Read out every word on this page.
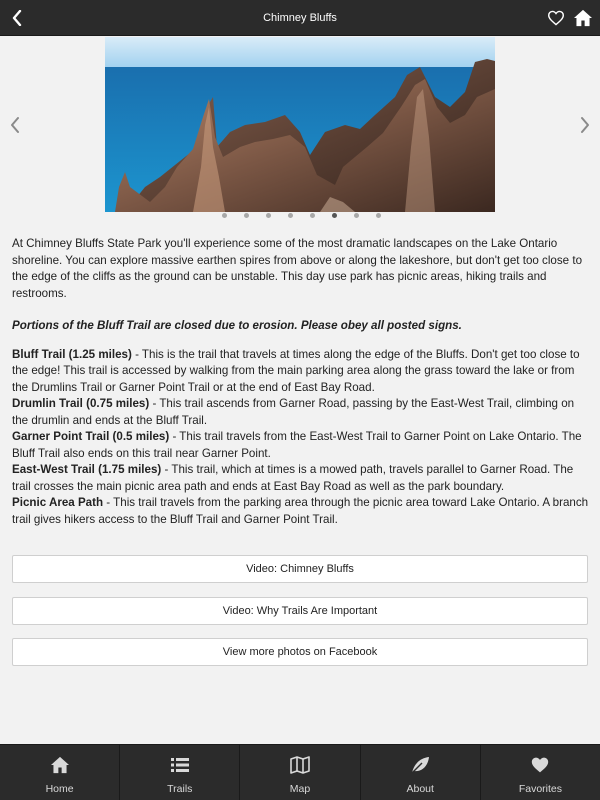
Chimney Bluffs

At Chimney Bluffs State Park you'll experience some of the most dramatic landscapes on the Lake Ontario shoreline. You can explore massive earthen spires from above or along the lakeshore, but don't get too close to the edge of the cliffs as the ground can be unstable. This day use park has picnic areas, hiking trails and restrooms.

Portions of the Bluff Trail are closed due to erosion. Please obey all posted signs.

Bluff Trail (1.25 miles) - This is the trail that travels at times along the edge of the Bluffs. Don't get too close to the edge! This trail is accessed by walking from the main parking area along the grass toward the lake or from the Drumlins Trail or Garner Point Trail or at the end of East Bay Road.

Drumlin Trail (0.75 miles) - This trail ascends from Garner Road, passing by the East-West Trail, climbing on the drumlin and ends at the Bluff Trail.

Garner Point Trail (0.5 miles) - This trail travels from the East-West Trail to Garner Point on Lake Ontario. The Bluff Trail also ends on this trail near Garner Point.

East-West Trail (1.75 miles) - This trail, which at times is a mowed path, travels parallel to Garner Road. The trail crosses the main picnic area path and ends at East Bay Road as well as the park boundary.

Picnic Area Path - This trail travels from the parking area through the picnic area toward Lake Ontario. A branch trail gives hikers access to the Bluff Trail and Garner Point Trail.

Video: Chimney Bluffs
Video: Why Trails Are Important
View more photos on Facebook
Home	Trails	Map	About	Favorites
